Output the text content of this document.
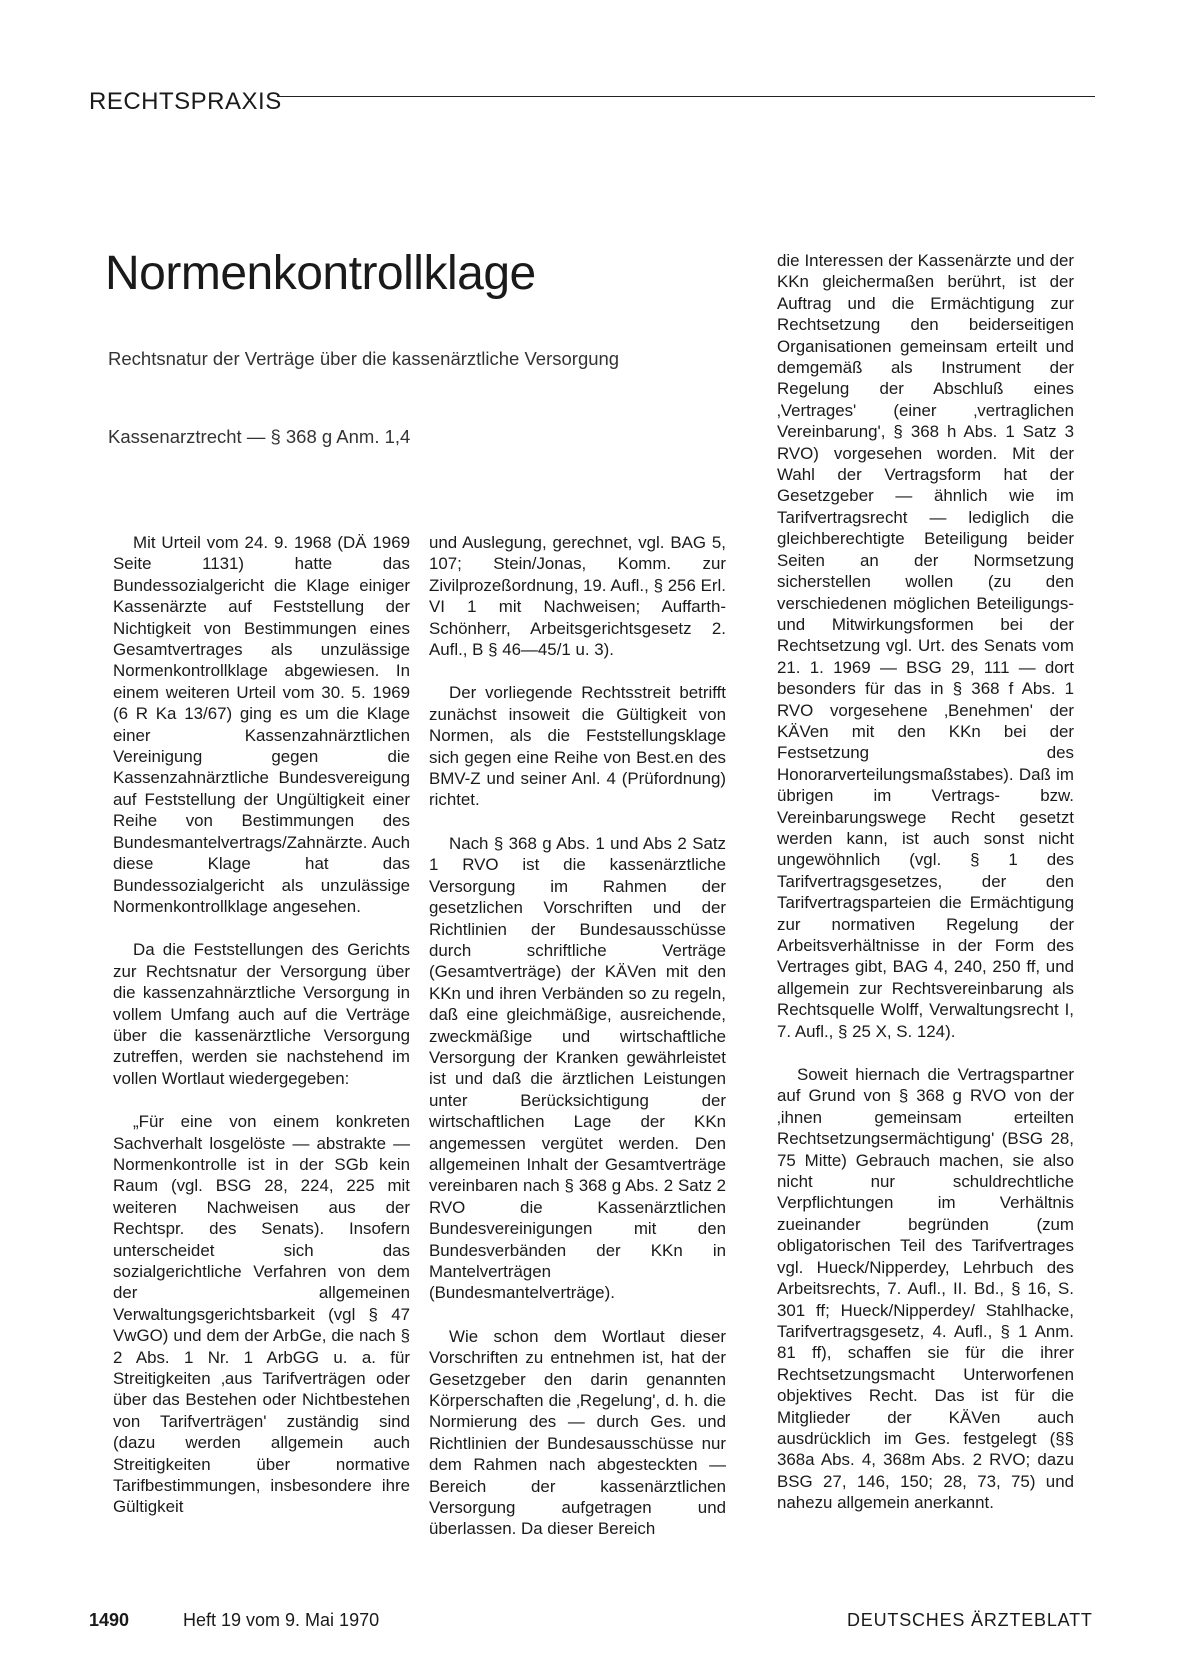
RECHTSPRAXIS
Normenkontrollklage
Rechtsnatur der Verträge über die kassenärztliche Versorgung
Kassenarztrecht — § 368 g Anm. 1,4

Mit Urteil vom 24. 9. 1968 (DÄ 1969 Seite 1131) hatte das Bundessozialgericht die Klage einiger Kassenärzte auf Feststellung der Nichtigkeit von Bestimmungen eines Gesamtvertrages als unzulässige Normenkontrollklage abgewiesen. In einem weiteren Urteil vom 30. 5. 1969 (6 R Ka 13/67) ging es um die Klage einer Kassenzahnärztlichen Vereinigung gegen die Kassenzahnärztliche Bundesvereigung auf Feststellung der Ungültigkeit einer Reihe von Bestimmungen des Bundesmantelvertrags/Zahnärzte. Auch diese Klage hat das Bundessozialgericht als unzulässige Normenkontrollklage angesehen.

Da die Feststellungen des Gerichts zur Rechtsnatur der Versorgung über die kassenzahnärztliche Versorgung in vollem Umfang auch auf die Verträge über die kassenärztliche Versorgung zutreffen, werden sie nachstehend im vollen Wortlaut wiedergegeben:

„Für eine von einem konkreten Sachverhalt losgelöste — abstrakte — Normenkontrolle ist in der SGb kein Raum (vgl. BSG 28, 224, 225 mit weiteren Nachweisen aus der Rechtspr. des Senats). Insofern unterscheidet sich das sozialgerichtliche Verfahren von dem der allgemeinen Verwaltungsgerichtsbarkeit (vgl § 47 VwGO) und dem der ArbGe, die nach § 2 Abs. 1 Nr. 1 ArbGG u. a. für Streitigkeiten ‚aus Tarifverträgen oder über das Bestehen oder Nichtbestehen von Tarifverträgen' zuständig sind (dazu werden allgemein auch Streitigkeiten über normative Tarifbestimmungen, insbesondere ihre Gültigkeit

und Auslegung, gerechnet, vgl. BAG 5, 107; Stein/Jonas, Komm. zur Zivilprozeßordnung, 19. Aufl., § 256 Erl. VI 1 mit Nachweisen; Auffarth-Schönherr, Arbeitsgerichtsgesetz 2. Aufl., B § 46—45/1 u. 3).

Der vorliegende Rechtsstreit betrifft zunächst insoweit die Gültigkeit von Normen, als die Feststellungsklage sich gegen eine Reihe von Best.en des BMV-Z und seiner Anl. 4 (Prüfordnung) richtet.

Nach § 368 g Abs. 1 und Abs 2 Satz 1 RVO ist die kassenärztliche Versorgung im Rahmen der gesetzlichen Vorschriften und der Richtlinien der Bundesausschüsse durch schriftliche Verträge (Gesamtverträge) der KÄVen mit den KKn und ihren Verbänden so zu regeln, daß eine gleichmäßige, ausreichende, zweckmäßige und wirtschaftliche Versorgung der Kranken gewährleistet ist und daß die ärztlichen Leistungen unter Berücksichtigung der wirtschaftlichen Lage der KKn angemessen vergütet werden. Den allgemeinen Inhalt der Gesamtverträge vereinbaren nach § 368 g Abs. 2 Satz 2 RVO die Kassenärztlichen Bundesvereinigungen mit den Bundesverbänden der KKn in Mantelverträgen (Bundesmantelverträge).

Wie schon dem Wortlaut dieser Vorschriften zu entnehmen ist, hat der Gesetzgeber den darin genannten Körperschaften die ‚Regelung', d. h. die Normierung des — durch Ges. und Richtlinien der Bundesausschüsse nur dem Rahmen nach abgesteckten — Bereich der kassenärztlichen Versorgung aufgetragen und überlassen. Da dieser Bereich

die Interessen der Kassenärzte und der KKn gleichermaßen berührt, ist der Auftrag und die Ermächtigung zur Rechtsetzung den beiderseitigen Organisationen gemeinsam erteilt und demgemäß als Instrument der Regelung der Abschluß eines ‚Vertrages' (einer ‚vertraglichen Vereinbarung', § 368 h Abs. 1 Satz 3 RVO) vorgesehen worden. Mit der Wahl der Vertragsform hat der Gesetzgeber — ähnlich wie im Tarifvertragsrecht — lediglich die gleichberechtigte Beteiligung beider Seiten an der Normsetzung sicherstellen wollen (zu den verschiedenen möglichen Beteiligungs- und Mitwirkungsformen bei der Rechtsetzung vgl. Urt. des Senats vom 21. 1. 1969 — BSG 29, 111 — dort besonders für das in § 368 f Abs. 1 RVO vorgesehene ‚Benehmen' der KÄVen mit den KKn bei der Festsetzung des Honorarverteilungsmaßstabes). Daß im übrigen im Vertrags- bzw. Vereinbarungswege Recht gesetzt werden kann, ist auch sonst nicht ungewöhnlich (vgl. § 1 des Tarifvertragsgesetzes, der den Tarifvertragsparteien die Ermächtigung zur normativen Regelung der Arbeitsverhältnisse in der Form des Vertrages gibt, BAG 4, 240, 250 ff, und allgemein zur Rechtsvereinbarung als Rechtsquelle Wolff, Verwaltungsrecht I, 7. Aufl., § 25 X, S. 124).

Soweit hiernach die Vertragspartner auf Grund von § 368 g RVO von der ‚ihnen gemeinsam erteilten Rechtsetzungsermächtigung' (BSG 28, 75 Mitte) Gebrauch machen, sie also nicht nur schuldrechtliche Verpflichtungen im Verhältnis zueinander begründen (zum obligatorischen Teil des Tarifvertrages vgl. Hueck/Nipperdey, Lehrbuch des Arbeitsrechts, 7. Aufl., II. Bd., § 16, S. 301 ff; Hueck/Nipperdey/ Stahlhacke, Tarifvertragsgesetz, 4. Aufl., § 1 Anm. 81 ff), schaffen sie für die ihrer Rechtsetzungsmacht Unterworfenen objektives Recht. Das ist für die Mitglieder der KÄVen auch ausdrücklich im Ges. festgelegt (§§ 368a Abs. 4, 368m Abs. 2 RVO; dazu BSG 27, 146, 150; 28, 73, 75) und nahezu allgemein anerkannt.

1490	Heft 19 vom 9. Mai 1970	DEUTSCHES ÄRZTEBLATT
